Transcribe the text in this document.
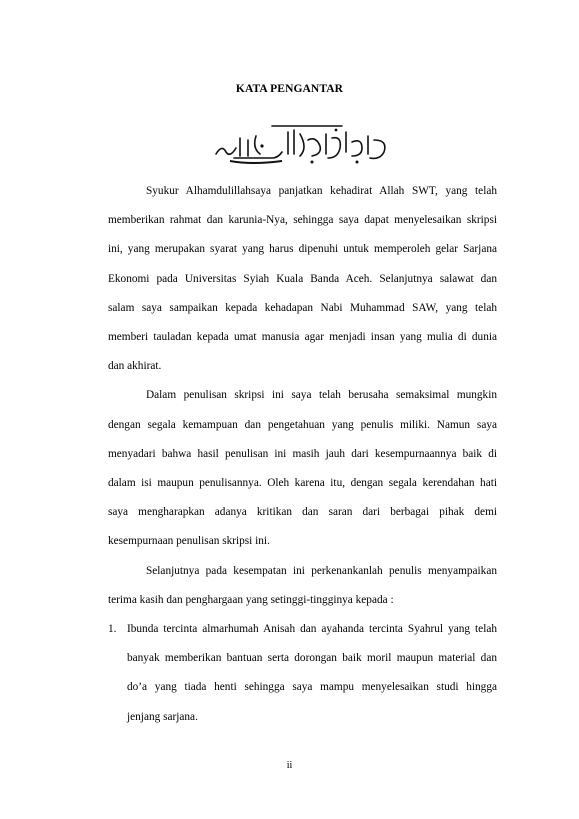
KATA PENGANTAR
Syukur Alhamdulillahsaya panjatkan kehadirat Allah SWT, yang telah
memberikan rahmat dan karunia-Nya, sehingga saya dapat menyelesaikan skripsi
ini, yang merupakan syarat yang harus dipenuhi untuk memperoleh gelar Sarjana
Ekonomi pada Universitas Syiah Kuala Banda Aceh. Selanjutnya salawat dan
salam saya sampaikan kepada kehadapan Nabi Muhammad SAW, yang telah
memberi tauladan kepada umat manusia agar menjadi insan yang mulia di dunia
dan akhirat.
Dalam penulisan skripsi ini saya telah berusaha semaksimal mungkin
dengan segala kemampuan dan pengetahuan yang penulis miliki. Namun saya
menyadari bahwa hasil penulisan ini masih jauh dari kesempurnaannya baik di
dalam isi maupun penulisannya. Oleh karena itu, dengan segala kerendahan hati
saya mengharapkan adanya kritikan dan saran dari berbagai pihak demi
kesempurnaan penulisan skripsi ini.
Selanjutnya pada kesempatan ini perkenankanlah penulis menyampaikan
terima kasih dan penghargaan yang setinggi-tingginya kepada :
1. Ibunda tercinta almarhumah Anisah dan ayahanda tercinta Syahrul yang telah
banyak memberikan bantuan serta dorongan baik moril maupun material dan
ii
do’a yang tiada henti sehingga saya mampu menyelesaikan studi hingga
jenjang sarjana.
